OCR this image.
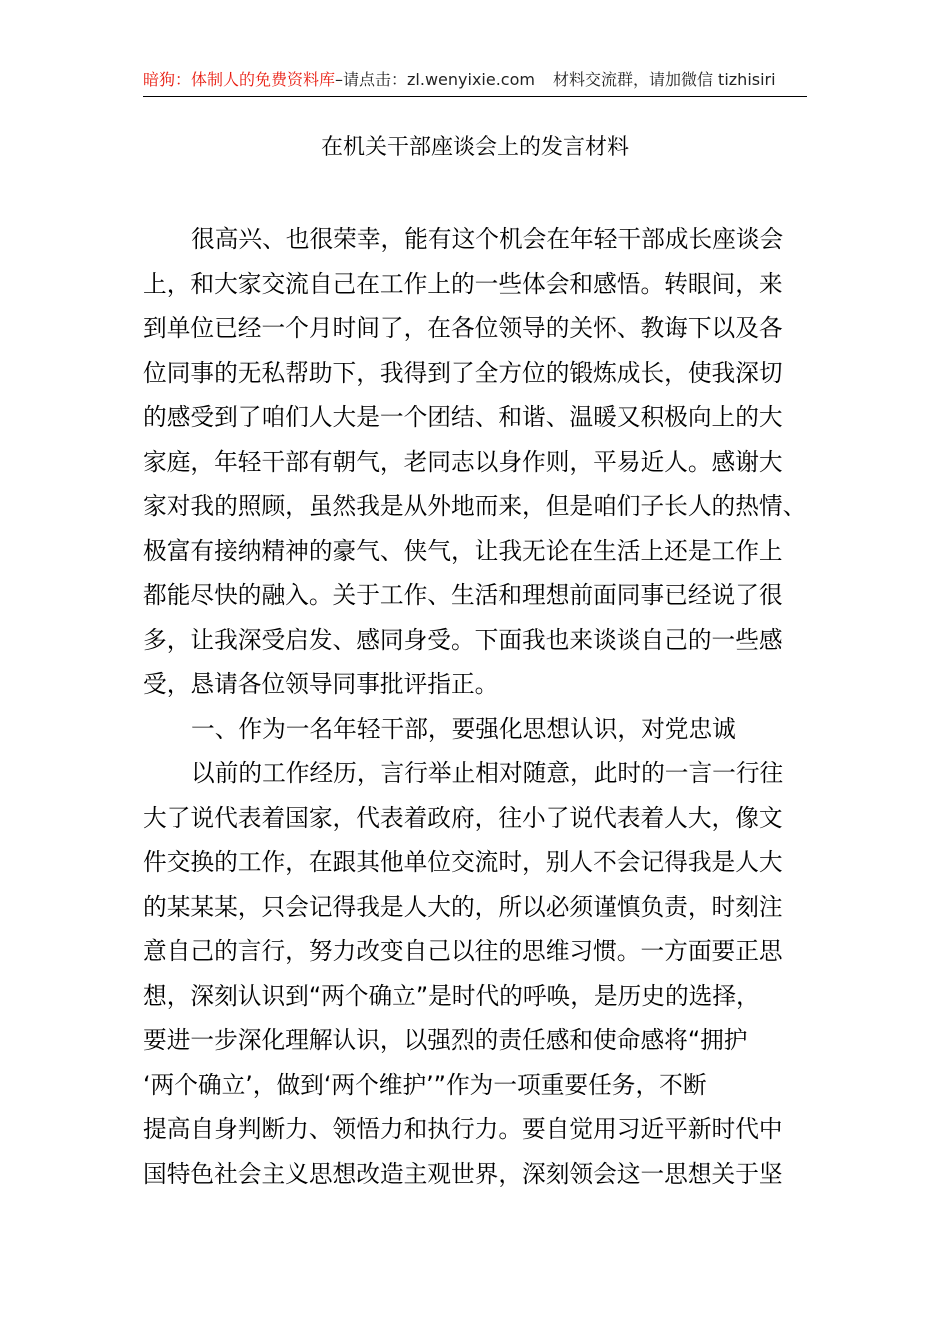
暗狗：体制人的免费资料库–请点击：zl.wenyixie.com 材料交流群，请加微信 tizhisiri
在机关干部座谈会上的发言材料
很高兴、也很荣幸，能有这个机会在年轻干部成长座谈会
上，和大家交流自己在工作上的一些体会和感悟。转眼间，来
到单位已经一个月时间了，在各位领导的关怀、教诲下以及各
位同事的无私帮助下，我得到了全方位的锻炼成长，使我深切
的感受到了咱们人大是一个团结、和谐、温暖又积极向上的大
家庭，年轻干部有朝气，老同志以身作则，平易近人。感谢大
家对我的照顾，虽然我是从外地而来，但是咱们子长人的热情、
极富有接纳精神的豪气、侠气，让我无论在生活上还是工作上
都能尽快的融入。关于工作、生活和理想前面同事已经说了很
多，让我深受启发、感同身受。下面我也来谈谈自己的一些感
受，恳请各位领导同事批评指正。
一、作为一名年轻干部，要强化思想认识，对党忠诚
以前的工作经历，言行举止相对随意，此时的一言一行往
大了说代表着国家，代表着政府，往小了说代表着人大，像文
件交换的工作，在跟其他单位交流时，别人不会记得我是人大
的某某某，只会记得我是人大的，所以必须谨慎负责，时刻注
意自己的言行，努力改变自己以往的思维习惯。一方面要正思
想，深刻认识到“两个确立”是时代的呼唤，是历史的选择，
要进一步深化理解认识，以强烈的责任感和使命感将“拥护
‘两个确立’，做到‘两个维护’”作为一项重要任务，不断
提高自身判断力、领悟力和执行力。要自觉用习近平新时代中
国特色社会主义思想改造主观世界，深刻领会这一思想关于坚
